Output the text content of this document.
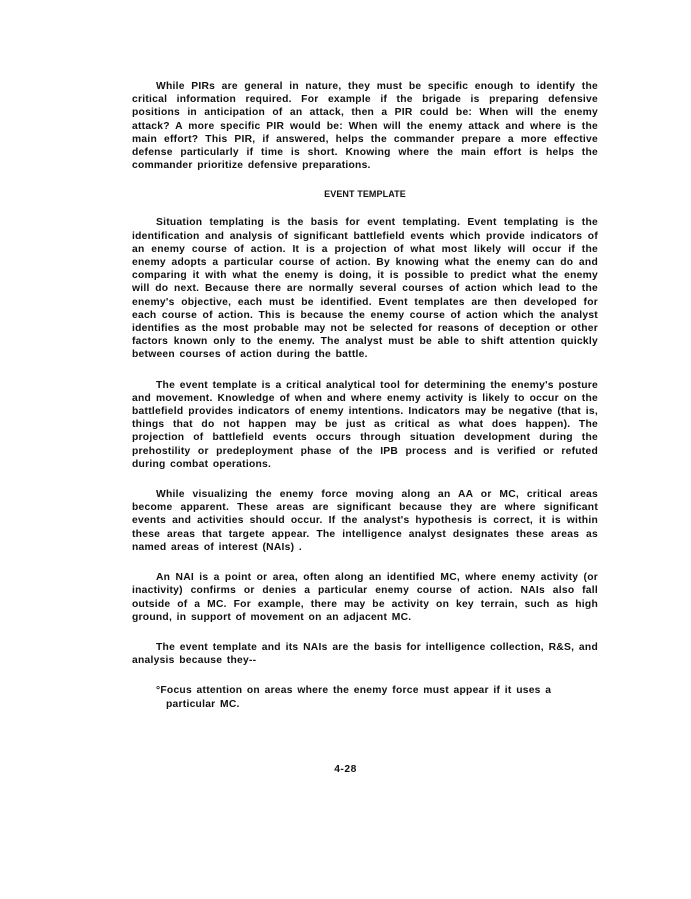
While PIRs are general in nature, they must be specific enough to identify the critical information required. For example if the brigade is preparing defensive positions in anticipation of an attack, then a PIR could be: When will the enemy attack? A more specific PIR would be: When will the enemy attack and where is the main effort? This PIR, if answered, helps the commander prepare a more effective defense particularly if time is short. Knowing where the main effort is helps the commander prioritize defensive preparations.

EVENT TEMPLATE

Situation templating is the basis for event templating. Event templating is the identification and analysis of significant battlefield events which provide indicators of an enemy course of action. It is a projection of what most likely will occur if the enemy adopts a particular course of action. By knowing what the enemy can do and comparing it with what the enemy is doing, it is possible to predict what the enemy will do next. Because there are normally several courses of action which lead to the enemy's objective, each must be identified. Event templates are then developed for each course of action. This is because the enemy course of action which the analyst identifies as the most probable may not be selected for reasons of deception or other factors known only to the enemy. The analyst must be able to shift attention quickly between courses of action during the battle.

The event template is a critical analytical tool for determining the enemy's posture and movement. Knowledge of when and where enemy activity is likely to occur on the battlefield provides indicators of enemy intentions. Indicators may be negative (that is, things that do not happen may be just as critical as what does happen). The projection of battlefield events occurs through situation development during the prehostility or predeployment phase of the IPB process and is verified or refuted during combat operations.

While visualizing the enemy force moving along an AA or MC, critical areas become apparent. These areas are significant because they are where significant events and activities should occur. If the analyst's hypothesis is correct, it is within these areas that targete appear. The intelligence analyst designates these areas as named areas of interest (NAIs) .

An NAI is a point or area, often along an identified MC, where enemy activity (or inactivity) confirms or denies a particular enemy course of action. NAIs also fall outside of a MC. For example, there may be activity on key terrain, such as high ground, in support of movement on an adjacent MC.

The event template and its NAIs are the basis for intelligence collection, R&S, and analysis because they--

°Focus attention on areas where the enemy force must appear if it uses a particular MC.

4-28
